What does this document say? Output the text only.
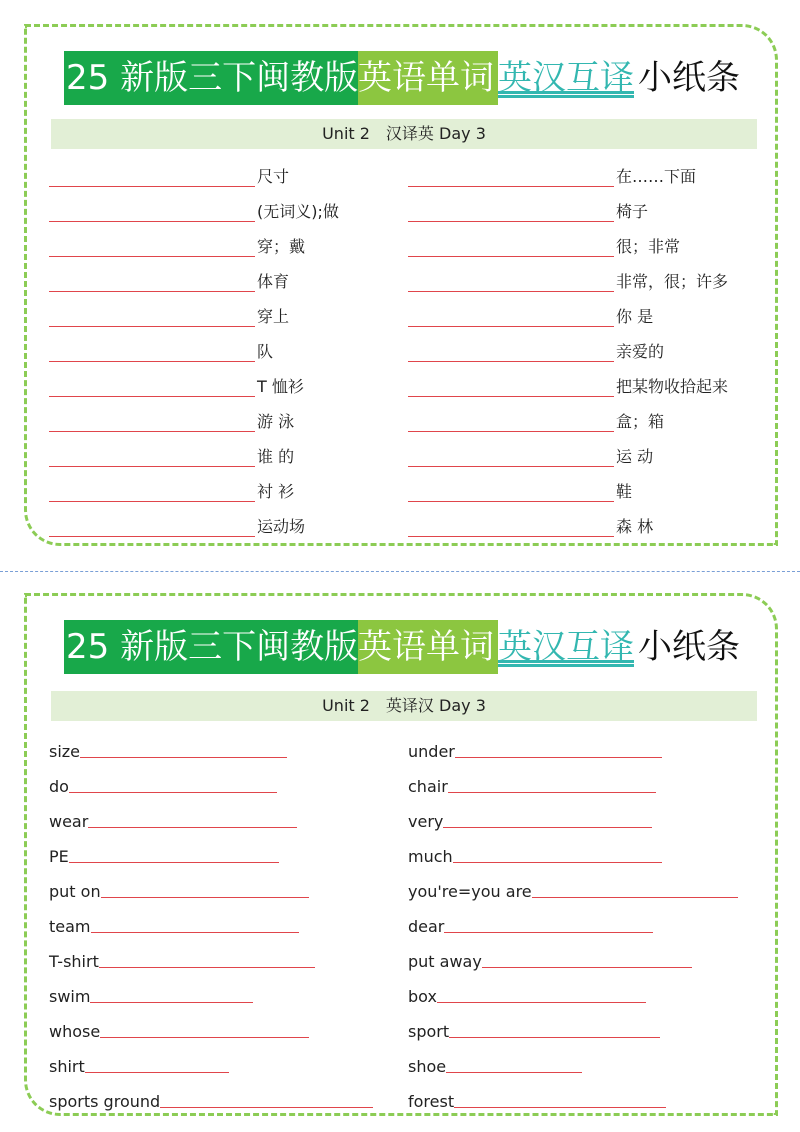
25 新版三下闽教版 英语单词 英汉互译 小纸条
Unit 2　汉译英 Day 3
尺寸
(无词义);做
穿；戴
体育
穿上
队
T 恤衫
游 泳
谁 的
衬 衫
运动场
在……下面
椅子
很；非常
非常，很；许多
你 是
亲爱的
把某物收拾起来
盒；箱
运 动
鞋
森 林
25 新版三下闽教版 英语单词 英汉互译 小纸条
Unit 2　英译汉 Day 3
size
do
wear
PE
put on
team
T-shirt
swim
whose
shirt
sports ground
under
chair
very
much
you're=you are
dear
put away
box
sport
shoe
forest
